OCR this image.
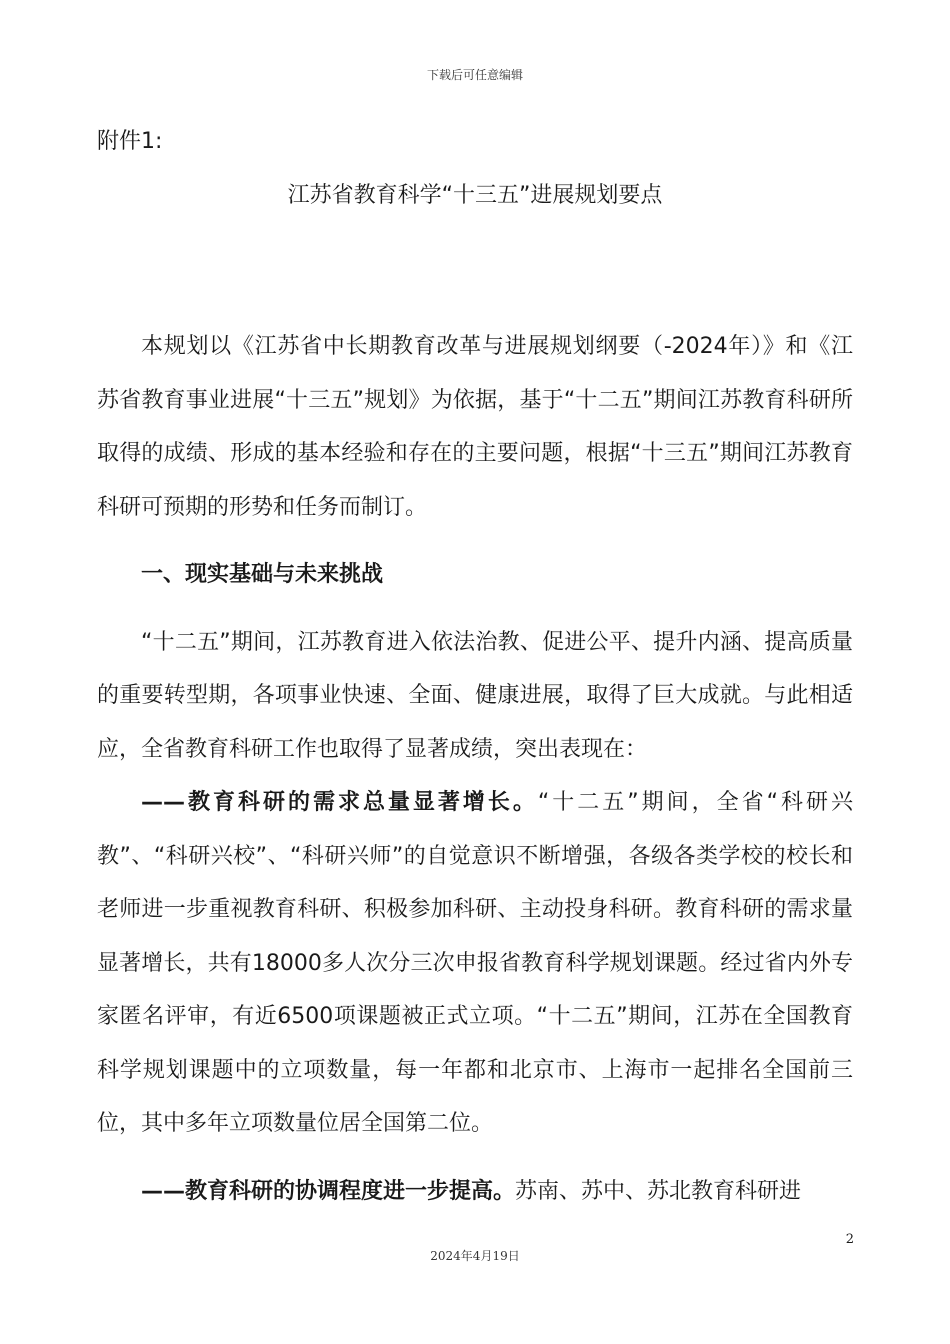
下载后可任意编辑
附件1:
江苏省教育科学“十三五”进展规划要点

本规划以《江苏省中长期教育改革与进展规划纲要（-2024年）》和《江苏省教育事业进展“十三五”规划》为依据，基于“十二五”期间江苏教育科研所取得的成绩、形成的基本经验和存在的主要问题，根据“十三五”期间江苏教育科研可预期的形势和任务而制订。

一、现实基础与未来挑战

“十二五”期间，江苏教育进入依法治教、促进公平、提升内涵、提高质量的重要转型期，各项事业快速、全面、健康进展，取得了巨大成就。与此相适应，全省教育科研工作也取得了显著成绩，突出表现在：

——教育科研的需求总量显著增长。“十二五”期间，全省“科研兴教”、“科研兴校”、“科研兴师”的自觉意识不断增强，各级各类学校的校长和老师进一步重视教育科研、积极参加科研、主动投身科研。教育科研的需求量显著增长，共有18000多人次分三次申报省教育科学规划课题。经过省内外专家匿名评审，有近6500项课题被正式立项。“十二五”期间，江苏在全国教育科学规划课题中的立项数量，每一年都和北京市、上海市一起排名全国前三位，其中多年立项数量位居全国第二位。

——教育科研的协调程度进一步提高。苏南、苏中、苏北教育科研进

2
2024年4月19日
